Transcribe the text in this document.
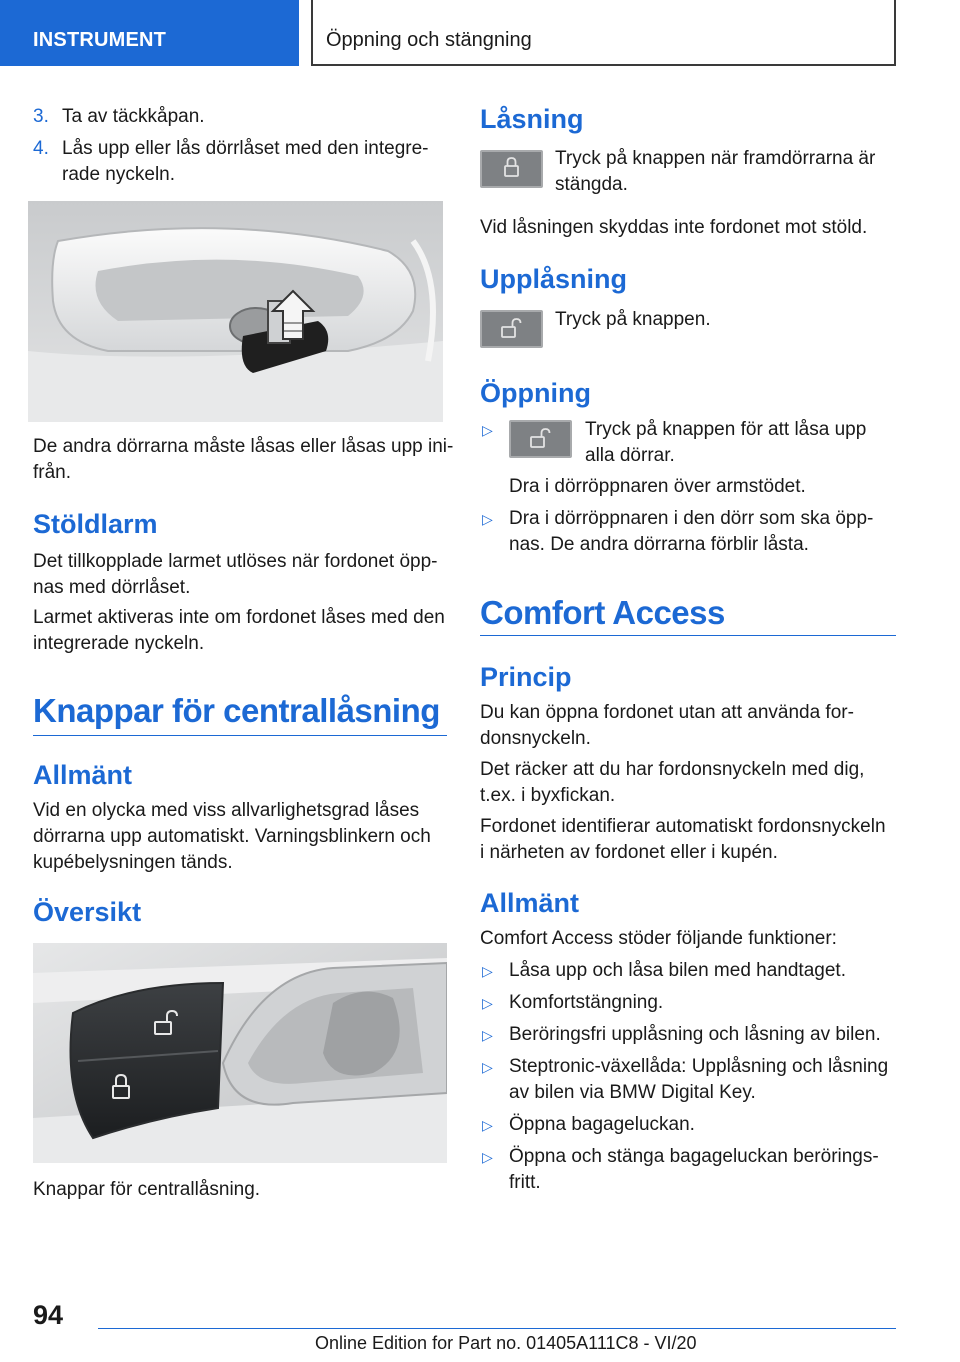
INSTRUMENT	Öppning och stängning
3. Ta av täckkåpan.
4. Lås upp eller lås dörrlåset med den integre-
rade nyckeln.
De andra dörrarna måste låsas eller låsas upp ini-
från.
Stöldlarm
Det tillkopplade larmet utlöses när fordonet öpp-
nas med dörrlåset.
Larmet aktiveras inte om fordonet låses med den
integrerade nyckeln.
Knappar för centrallåsning
Allmänt
Vid en olycka med viss allvarlighetsgrad låses
dörrarna upp automatiskt. Varningsblinkern och
kupébelysningen tänds.
Översikt
Knappar för centrallåsning.
Låsning
Tryck på knappen när framdörrarna är
stängda.
Vid låsningen skyddas inte fordonet mot stöld.
Upplåsning
Tryck på knappen.
Öppning
▷	Tryck på knappen för att låsa upp
alla dörrar.
Dra i dörröppnaren över armstödet.
▷ Dra i dörröppnaren i den dörr som ska öpp-
nas. De andra dörrarna förblir låsta.
Comfort Access
Princip
Du kan öppna fordonet utan att använda for-
donsnyckeln.
Det räcker att du har fordonsnyckeln med dig,
t.ex. i byxfickan.
Fordonet identifierar automatiskt fordonsnyckeln
i närheten av fordonet eller i kupén.
Allmänt
Comfort Access stöder följande funktioner:
▷ Låsa upp och låsa bilen med handtaget.
▷ Komfortstängning.
▷ Beröringsfri upplåsning och låsning av bilen.
▷ Steptronic-växellåda: Upplåsning och låsning
av bilen via BMW Digital Key.
▷ Öppna bagageluckan.
▷ Öppna och stänga bagageluckan berörings-
fritt.
94
Online Edition for Part no. 01405A111C8 - VI/20
